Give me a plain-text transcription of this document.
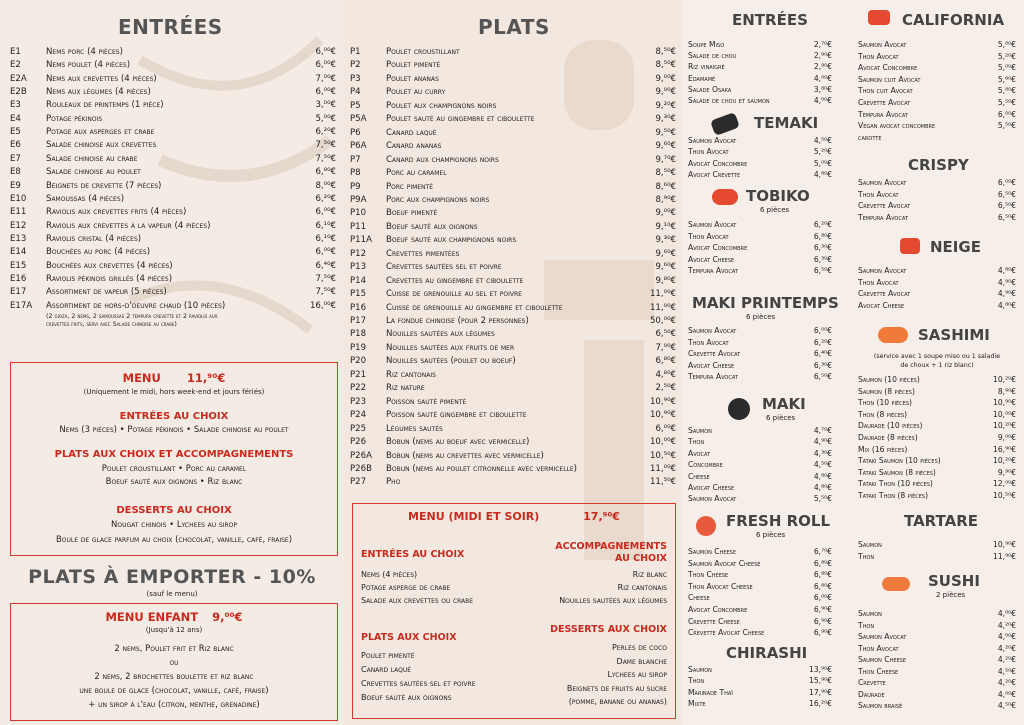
ENTRÉES
E1	Nems porc (4 pièces)	6,⁰⁰€
E2	Nems poulet (4 pièces)	6,⁰⁰€
E2A Nems aux crevettes (4 pièces)	7,⁰⁰€
E2B Nems aux légumes (4 pièces)	6,⁰⁰€
E3	Rouleaux de printemps (1 pièce)	3,⁰⁰€
E4	Potage pékinois	5,⁰⁰€
E5	Potage aux asperges et crabe	6,²⁰€
E6	Salade chinoise aux crevettes	7,⁵⁰€
E7	Salade chinoise au crabe	7,⁵⁰€
E8	Salade chinoise au poulet	6,⁸⁰€
E9	Beignets de crevette (7 pièces)	8,⁰⁰€
E10 Samoussas (4 pièces)	6,²⁰€
E11 Raviolis aux crevettes frits (4 pièces)	6,⁰⁰€
E12 Raviolis aux crevettes à la vapeur (4 pièces)	6,¹⁰€
E13 Raviolis cristal (4 pièces)	6,¹⁰€
E14 Bouchées au porc (4 pièces)	6,⁰⁰€
E15 Bouchées aux crevettes (4 pièces)	6,⁴⁰€
E16 Raviolis pékinois grillés (4 pièces)	7,⁵⁰€
E17 Assortiment de vapeur (5 pièces)	7,⁵⁰€
E17A Assortiment de hors-d'oeuvre chaud (10 pièces)	16,⁰⁰€
(2 gioza, 2 nems, 2 samoussas 2 tempura crevette et 2 raviolis aux
crevettes frits, servi avec Salade chinoise au crabe)
MENU 11,⁹⁰€
(Uniquement le midi, hors week-end et jours fériés)
ENTRÉES AU CHOIX
Nems (3 pièces) • Potage pékinois • Salade chinoise au poulet
PLATS AUX CHOIX ET ACCOMPAGNEMENTS
Poulet croustillant • Porc au caramel
Boeuf sauté aux oignons • Riz blanc
DESSERTS AU CHOIX
Nougat chinois • Lychees au sirop
Boule de glace parfum au choix (chocolat, vanille, café, fraise)
PLATS À EMPORTER - 10%
(sauf le menu)
MENU ENFANT 9,⁰⁰€
(Jusqu'à 12 ans)
2 nems, Poulet frit et Riz blanc
ou
2 nems, 2 brochettes boulette et riz blanc
une boule de glace (chocolat, vanille, café, fraise)
+ un sirop à l'eau (citron, menthe, grenadine)
PLATS
P1	Poulet croustillant	8,⁵⁰€
P2	Poulet pimenté	8,⁵⁰€
P3	Poulet ananas	9,⁰⁰€
P4	Poulet au curry	9,⁰⁰€
P5	Poulet aux champignons noirs	9,²⁰€
P5A Poulet sauté au gingembre et ciboulette	9,³⁰€
P6	Canard laqué	9,⁵⁰€
P6A Canard ananas	9,⁶⁰€
P7	Canard aux champignons noirs	9,⁷⁰€
P8	Porc au caramel	8,⁵⁰€
P9	Porc pimenté	8,⁶⁰€
P9A Porc aux champignons noirs	8,⁹⁰€
P10 Boeuf pimenté	9,⁰⁰€
P11 Boeuf sauté aux oignons	9,¹⁰€
P11A Boeuf sauté aux champignons noirs	9,³⁰€
P12 Crevettes pimentées	9,⁶⁰€
P13 Crevettes sautées sel et poivre	9,⁶⁰€
P14 Crevettes au gingembre et ciboulette	9,⁸⁰€
P15 Cuisse de grenouille au sel et poivre	11,⁰⁰€
P16 Cuisse de grenouille au gingembre et ciboulette	11,⁰⁰€
P17 La fondue chinoise (pour 2 personnes)	50,⁰⁰€
P18 Nouilles sautées aux légumes	6,⁵⁰€
P19 Nouilles sautées aux fruits de mer	7,⁰⁰€
P20 Nouilles sautées (poulet ou boeuf)	6,⁸⁰€
P21 Riz cantonais	4,⁸⁰€
P22 Riz nature	2,⁵⁰€
P23 Poisson sauté pimenté	10,⁹⁰€
P24 Poisson sauté gingembre et ciboulette	10,⁹⁰€
P25 Légumes sautés	6,⁰⁰€
P26 Bobun (nems au boeuf avec vermicelle)	10,⁰⁰€
P26A Bobun (nems au crevettes avec vermicelle)	10,⁵⁰€
P26B Bobun (nems au poulet citronnelle avec vermicelle)	11,⁰⁰€
P27 Pho	11,⁵⁰€
MENU (MIDI ET SOIR)	17,⁹⁰€
ENTRÉES AU CHOIX
Nems (4 pièces)
Potage asperge de crabe
Salade aux crevettes ou crabe
ACCOMPAGNEMENTS
AU CHOIX
Riz blanc
Riz cantonais
Nouilles sautées aux légumes
PLATS AUX CHOIX
Poulet pimenté
Canard laqué
Crevettes sautées sel et poivre
Boeuf sauté aux oignons
DESSERTS AUX CHOIX
Perles de coco
Dame blanche
Lychees au sirop
Beignets de fruits au sucre
(pomme, banane ou ananas)
ENTRÉES
Soupe Miso	2,⁷⁰€
Salade de chou	2,⁹⁰€
Riz vinaigré	2,⁹⁰€
Edamamé	4,⁰⁰€
Salade Osaka	3,⁸⁰€
Salade de chou et saumon	4,⁰⁰€
TEMAKI
Saumon Avocat	4,⁵⁰€
Thon Avocat	5,²⁰€
Avocat Concombre	5,⁰⁰€
Avocat Crevette	4,⁸⁰€
TOBIKO
6 pièces
Saumon Avocat	6,²⁰€
Thon Avocat	6,⁸⁰€
Avocat Concombre	6,³⁰€
Avocat Cheese	6,³⁰€
Tempura Avocat	6,⁵⁰€
MAKI PRINTEMPS
6 pièces
Saumon Avocat	6,⁰⁰€
Thon Avocat	6,²⁰€
Crevette Avocat	6,⁴⁰€
Avocat Cheese	6,³⁰€
Tempura Avocat	6,⁵⁰€
MAKI
6 pièces
Saumon	4,⁷⁰€
Thon	4,⁹⁰€
Avocat	4,³⁰€
Concombre	4,⁵⁰€
Cheese	4,⁸⁰€
Avocat Cheese	4,⁸⁰€
Saumon Avocat	5,⁵⁰€
FRESH ROLL
6 pièces
Saumon Cheese	6,⁷⁰€
Saumon Avocat Cheese	6,⁸⁰€
Thon Cheese	6,⁸⁰€
Thon Avocat Cheese	6,⁸⁰€
Cheese	6,⁰⁰€
Avocat Concombre	6,⁹⁰€
Crevette Cheese	6,⁹⁰€
Crevette Avocat Cheese	6,⁹⁰€
CHIRASHI
Saumon	13,⁹⁰€
Thon	15,⁹⁰€
Marinade Thaï	17,⁹⁰€
Mixte	16,²⁰€
CALIFORNIA
Saumon Avocat	5,⁰⁰€
Thon Avocat	5,²⁰€
Avocat Concombre	5,⁰⁰€
Saumon cuit Avocat	5,⁶⁰€
Thon cuit Avocat	5,⁸⁰€
Crevette Avocat	5,⁵⁰€
Tempura Avocat	6,⁰⁰€
Vegan avocat concombre	5,⁵⁰€
carotte
CRISPY
Saumon Avocat	6,⁰⁰€
Thon Avocat	6,⁵⁰€
Crevette Avocat	6,⁵⁰€
Tempura Avocat	6,⁵⁰€
NEIGE
Saumon Avocat	4,⁸⁰€
Thon Avocat	4,⁹⁰€
Crevette Avocat	4,⁹⁰€
Avocat Cheese	4,⁸⁰€
SASHIMI
(service avec 1 soupe miso ou 1 saladie
de choux + 1 riz blanc)
Saumon (10 pièces)	10,²⁰€
Saumon (8 pièces)	8,⁹⁰€
Thon (10 pièces)	10,⁹⁰€
Thon (8 pièces)	10,⁰⁰€
Daurade (10 pièces)	10,²⁰€
Daurade (8 pièces)	9,⁰⁰€
Mix (16 pièces)	16,⁹⁰€
Tataki Saumon (10 pièces)	10,²⁰€
Tataki Saumon (8 pièces)	9,⁹⁰€
Tataki Thon (10 pièces)	12,⁰⁰€
Tataki Thon (8 pièces)	10,⁵⁰€
TARTARE
Saumon	10,⁹⁰€
Thon	11,⁹⁰€
SUSHI
2 pièces
Saumon	4,⁰⁰€
Thon	4,²⁰€
Saumon Avocat	4,⁰⁰€
Thon Avocat	4,²⁰€
Saumon Cheese	4,²⁰€
Thon Cheese	4,⁵⁰€
Crevette	4,²⁰€
Daurade	4,⁰⁰€
Saumon braisé	4,⁵⁰€
